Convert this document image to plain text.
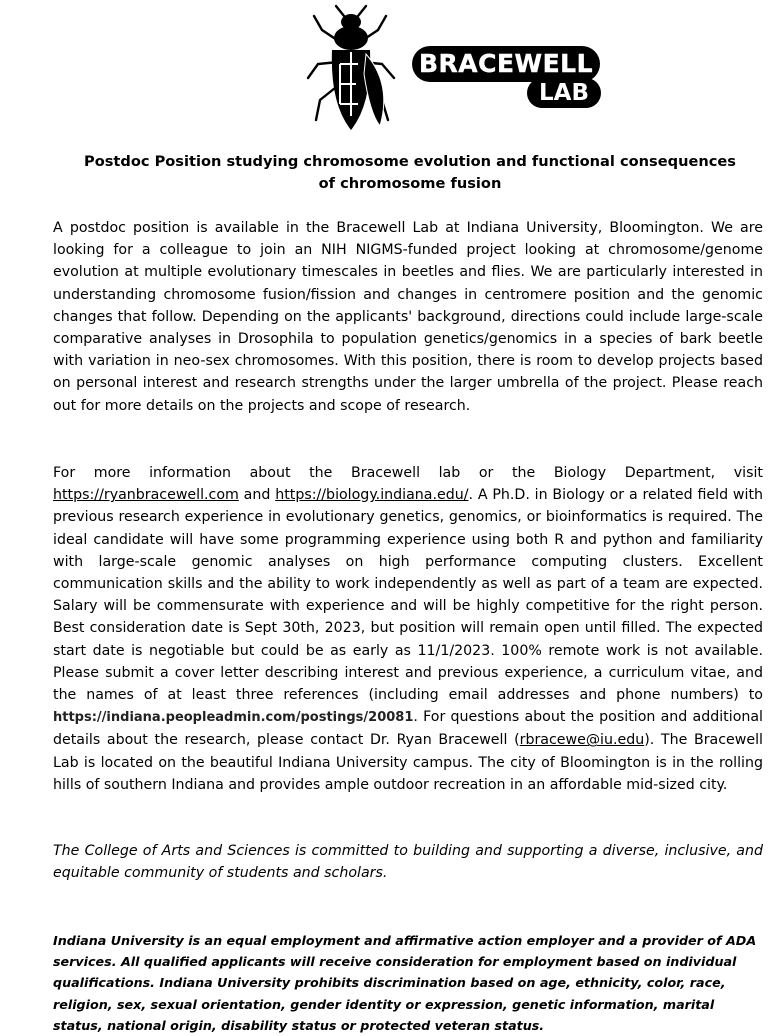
BRACEWELL
LAB
Postdoc Position studying chromosome evolution and functional consequences
of chromosome fusion
A postdoc position is available in the Bracewell Lab at Indiana University, Bloomington. We are looking for a colleague to join an NIH NIGMS-funded project looking at chromosome/genome evolution at multiple evolutionary timescales in beetles and flies. We are particularly interested in understanding chromosome fusion/fission and changes in centromere position and the genomic changes that follow. Depending on the applicants' background, directions could include large-scale comparative analyses in Drosophila to population genetics/genomics in a species of bark beetle with variation in neo-sex chromosomes. With this position, there is room to develop projects based on personal interest and research strengths under the larger umbrella of the project. Please reach out for more details on the projects and scope of research.
For more information about the Bracewell lab or the Biology Department, visit https://ryanbracewell.com and https://biology.indiana.edu/. A Ph.D. in Biology or a related field with previous research experience in evolutionary genetics, genomics, or bioinformatics is required. The ideal candidate will have some programming experience using both R and python and familiarity with large-scale genomic analyses on high performance computing clusters. Excellent communication skills and the ability to work independently as well as part of a team are expected. Salary will be commensurate with experience and will be highly competitive for the right person. Best consideration date is Sept 30th, 2023, but position will remain open until filled. The expected start date is negotiable but could be as early as 11/1/2023. 100% remote work is not available. Please submit a cover letter describing interest and previous experience, a curriculum vitae, and the names of at least three references (including email addresses and phone numbers) to https://indiana.peopleadmin.com/postings/20081. For questions about the position and additional details about the research, please contact Dr. Ryan Bracewell (rbracewe@iu.edu). The Bracewell Lab is located on the beautiful Indiana University campus. The city of Bloomington is in the rolling hills of southern Indiana and provides ample outdoor recreation in an affordable mid-sized city.
The College of Arts and Sciences is committed to building and supporting a diverse, inclusive, and equitable community of students and scholars.
Indiana University is an equal employment and affirmative action employer and a provider of ADA services. All qualified applicants will receive consideration for employment based on individual qualifications. Indiana University prohibits discrimination based on age, ethnicity, color, race, religion, sex, sexual orientation, gender identity or expression, genetic information, marital status, national origin, disability status or protected veteran status.
